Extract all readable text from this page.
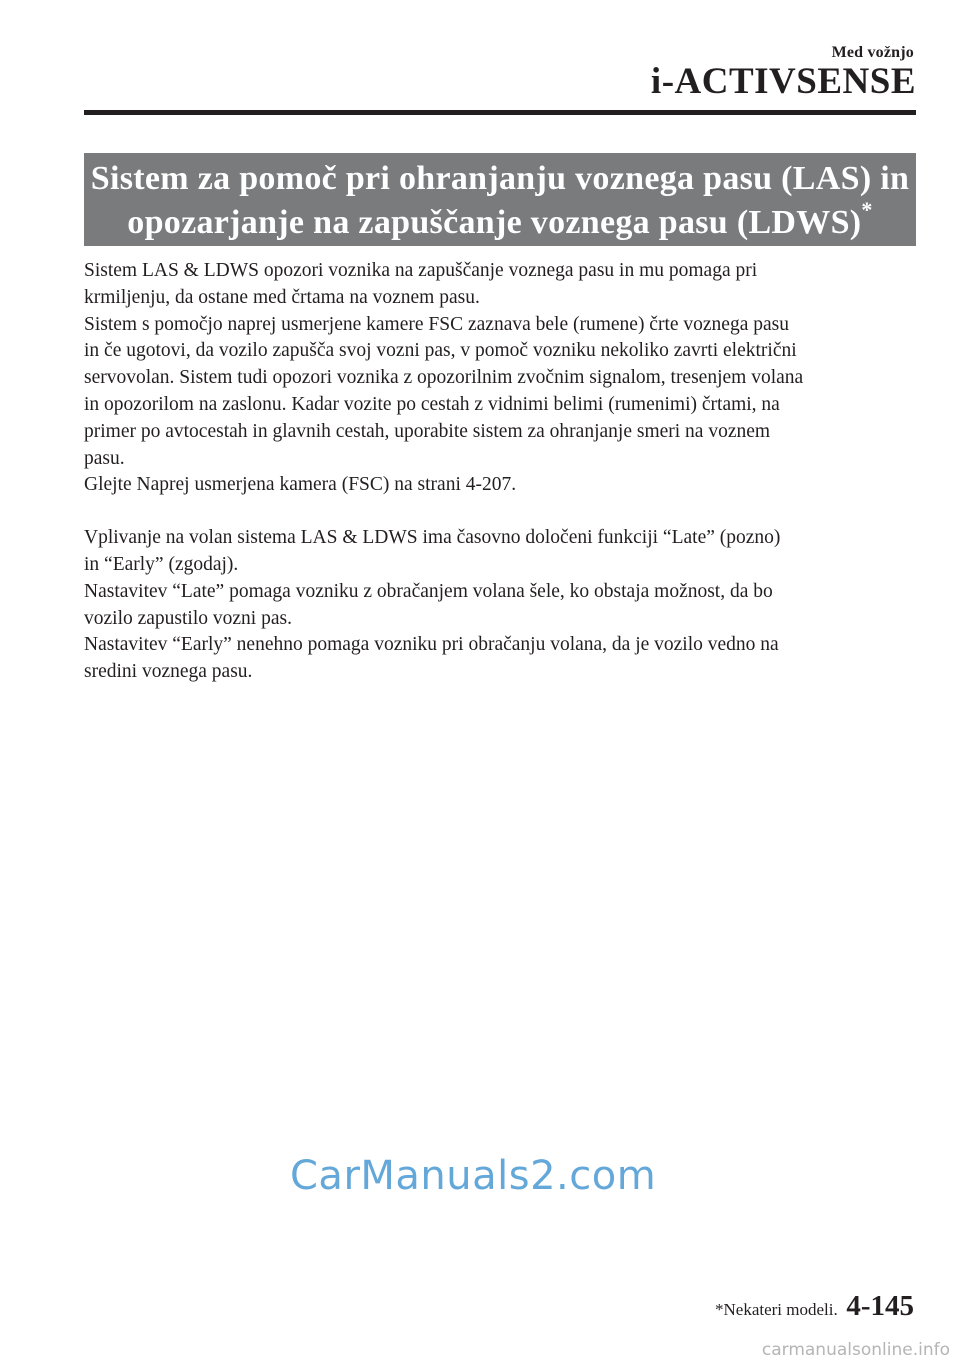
Med vožnjo
i-ACTIVSENSE
Sistem za pomoč pri ohranjanju voznega pasu (LAS) in
opozarjanje na zapuščanje voznega pasu (LDWS)*

Sistem LAS & LDWS opozori voznika na zapuščanje voznega pasu in mu pomaga pri

krmiljenju, da ostane med črtama na voznem pasu.

Sistem s pomočjo naprej usmerjene kamere FSC zaznava bele (rumene) črte voznega pasu

in če ugotovi, da vozilo zapušča svoj vozni pas, v pomoč vozniku nekoliko zavrti električni

servovolan. Sistem tudi opozori voznika z opozorilnim zvočnim signalom, tresenjem volana

in opozorilom na zaslonu. Kadar vozite po cestah z vidnimi belimi (rumenimi) črtami, na

primer po avtocestah in glavnih cestah, uporabite sistem za ohranjanje smeri na voznem

pasu.

Glejte Naprej usmerjena kamera (FSC) na strani 4-207.

Vplivanje na volan sistema LAS & LDWS ima časovno določeni funkciji “Late” (pozno)

in “Early” (zgodaj).

Nastavitev “Late” pomaga vozniku z obračanjem volana šele, ko obstaja možnost, da bo

vozilo zapustilo vozni pas.

Nastavitev “Early” nenehno pomaga vozniku pri obračanju volana, da je vozilo vedno na

sredini voznega pasu.

CarManuals2.com
*Nekateri modeli. 4-145
carmanualsonline.info
